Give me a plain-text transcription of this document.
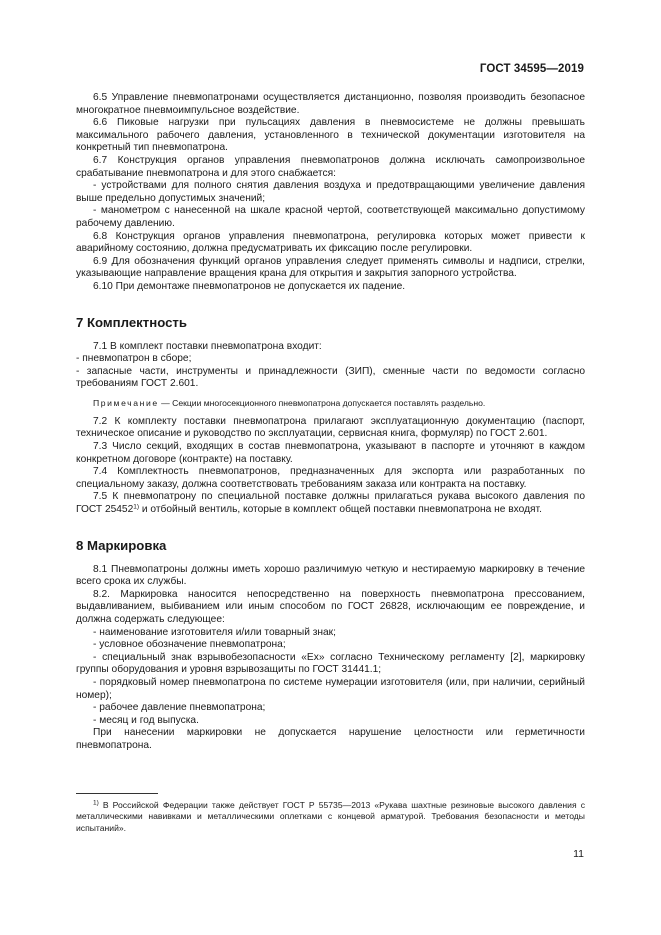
ГОСТ 34595—2019

6.5 Управление пневмопатронами осуществляется дистанционно, позволяя производить безопасное многократное пневмоимпульсное воздействие.

6.6 Пиковые нагрузки при пульсациях давления в пневмосистеме не должны превышать максимального рабочего давления, установленного в технической документации изготовителя на конкретный тип пневмопатрона.

6.7 Конструкция органов управления пневмопатронов должна исключать самопроизвольное срабатывание пневмопатрона и для этого снабжается:

- устройствами для полного снятия давления воздуха и предотвращающими увеличение давления выше предельно допустимых значений;

- манометром с нанесенной на шкале красной чертой, соответствующей максимально допустимому рабочему давлению.

6.8 Конструкция органов управления пневмопатрона, регулировка которых может привести к аварийному состоянию, должна предусматривать их фиксацию после регулировки.

6.9 Для обозначения функций органов управления следует применять символы и надписи, стрелки, указывающие направление вращения крана для открытия и закрытия запорного устройства.

6.10 При демонтаже пневмопатронов не допускается их падение.

7 Комплектность

7.1 В комплект поставки пневмопатрона входит:

- пневмопатрон в сборе;

- запасные части, инструменты и принадлежности (ЗИП), сменные части по ведомости согласно требованиям ГОСТ 2.601.

Примечание — Секции многосекционного пневмопатрона допускается поставлять раздельно.

7.2 К комплекту поставки пневмопатрона прилагают эксплуатационную документацию (паспорт, техническое описание и руководство по эксплуатации, сервисная книга, формуляр) по ГОСТ 2.601.

7.3 Число секций, входящих в состав пневмопатрона, указывают в паспорте и уточняют в каждом конкретном договоре (контракте) на поставку.

7.4 Комплектность пневмопатронов, предназначенных для экспорта или разработанных по специальному заказу, должна соответствовать требованиям заказа или контракта на поставку.

7.5 К пневмопатрону по специальной поставке должны прилагаться рукава высокого давления по ГОСТ 25452$^{1)}$ и отбойный вентиль, которые в комплект общей поставки пневмопатрона не входят.

8 Маркировка

8.1 Пневмопатроны должны иметь хорошо различимую четкую и нестираемую маркировку в течение всего срока их службы.

8.2. Маркировка наносится непосредственно на поверхность пневмопатрона прессованием, выдавливанием, выбиванием или иным способом по ГОСТ 26828, исключающим ее повреждение, и должна содержать следующее:

- наименование изготовителя и/или товарный знак;

- условное обозначение пневмопатрона;

- специальный знак взрывобезопасности «Ex» согласно Техническому регламенту [2], маркировку группы оборудования и уровня взрывозащиты по ГОСТ 31441.1;

- порядковый номер пневмопатрона по системе нумерации изготовителя (или, при наличии, серийный номер);

- рабочее давление пневмопатрона;

- месяц и год выпуска.

При нанесении маркировки не допускается нарушение целостности или герметичности пневмопатрона.

$^{1)}$ В Российской Федерации также действует ГОСТ Р 55735—2013 «Рукава шахтные резиновые высокого давления с металлическими навивками и металлическими оплетками с концевой арматурой. Требования безопасности и методы испытаний».

11
